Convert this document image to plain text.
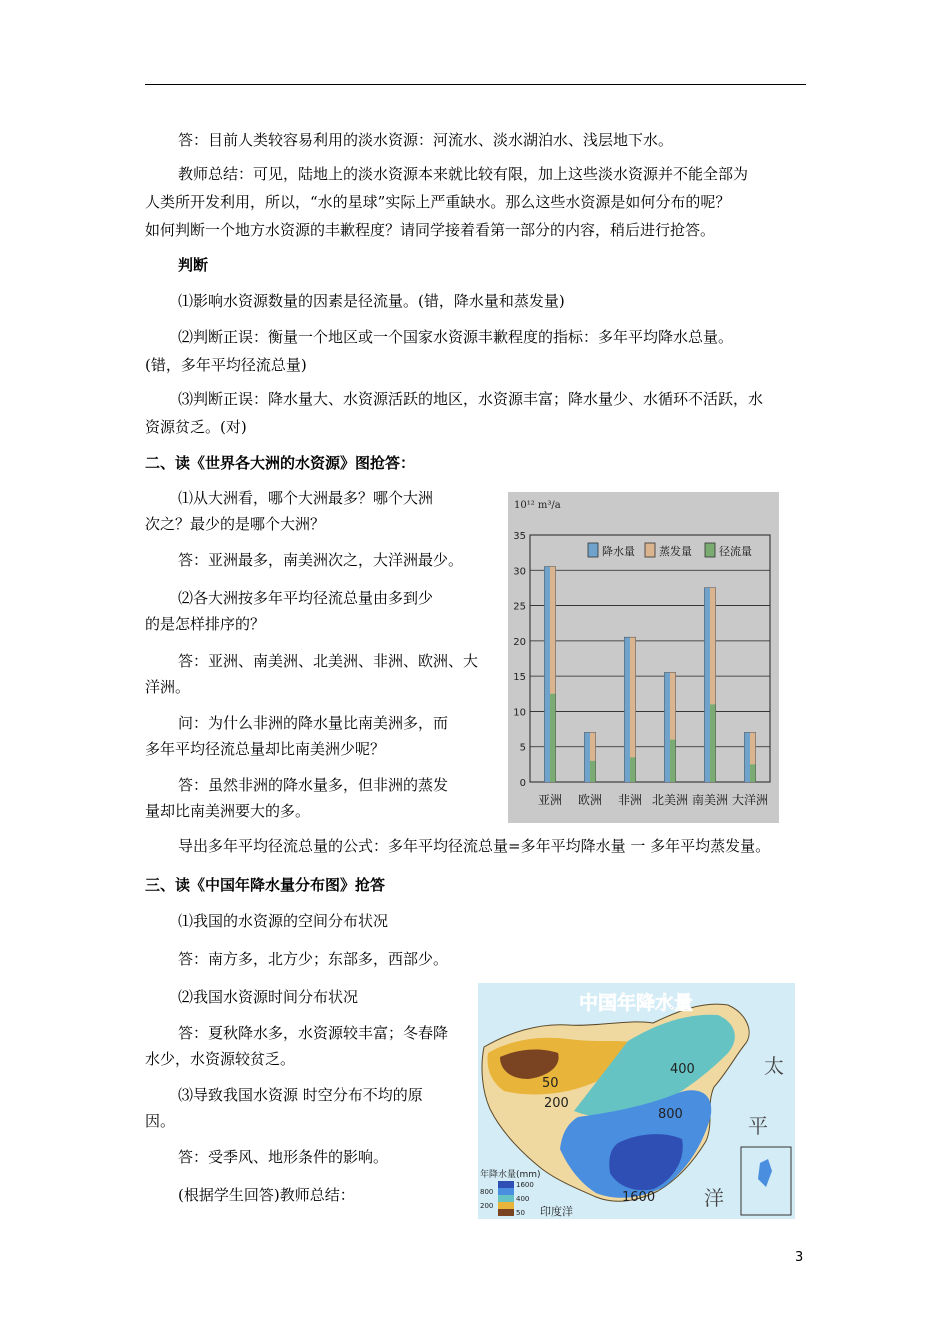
答：目前人类较容易利用的淡水资源：河流水、淡水湖泊水、浅层地下水。

教师总结：可见，陆地上的淡水资源本来就比较有限，加上这些淡水资源并不能全部为

人类所开发利用，所以，“水的星球”实际上严重缺水。那么这些水资源是如何分布的呢？

如何判断一个地方水资源的丰歉程度？请同学接着看第一部分的内容，稍后进行抢答。

判断

⑴影响水资源数量的因素是径流量。(错，降水量和蒸发量)

⑵判断正误：衡量一个地区或一个国家水资源丰歉程度的指标：多年平均降水总量。

(错，多年平均径流总量)

⑶判断正误：降水量大、水资源活跃的地区，水资源丰富；降水量少、水循环不活跃，水

资源贫乏。(对)

二、读《世界各大洲的水资源》图抢答：

⑴从大洲看，哪个大洲最多？哪个大洲

次之？最少的是哪个大洲？

答：亚洲最多，南美洲次之，大洋洲最少。

⑵各大洲按多年平均径流总量由多到少

的是怎样排序的？

答：亚洲、南美洲、北美洲、非洲、欧洲、大

洋洲。

问：为什么非洲的降水量比南美洲多，而

多年平均径流总量却比南美洲少呢？

答：虽然非洲的降水量多，但非洲的蒸发

量却比南美洲要大的多。

导出多年平均径流总量的公式：多年平均径流总量=多年平均降水量 一 多年平均蒸发量。

三、读《中国年降水量分布图》抢答

⑴我国的水资源的空间分布状况

答：南方多，北方少；东部多，西部少。

⑵我国水资源时间分布状况

答：夏秋降水多，水资源较丰富；冬春降

水少，水资源较贫乏。

⑶导致我国水资源 时空分布不均的原

因。

答：受季风、地形条件的影响。

(根据学生回答)教师总结：

0
5
10
15
20
25
30
35
10¹² m³/a
降水量 蒸发量 径流量
亚洲 欧洲 非洲 北美洲 南美洲 大洋洲
中国年降水量
400
50
200
800
1600
太
平
洋
印度洋
年降水量(mm)
1600
800
400
200
50
3
